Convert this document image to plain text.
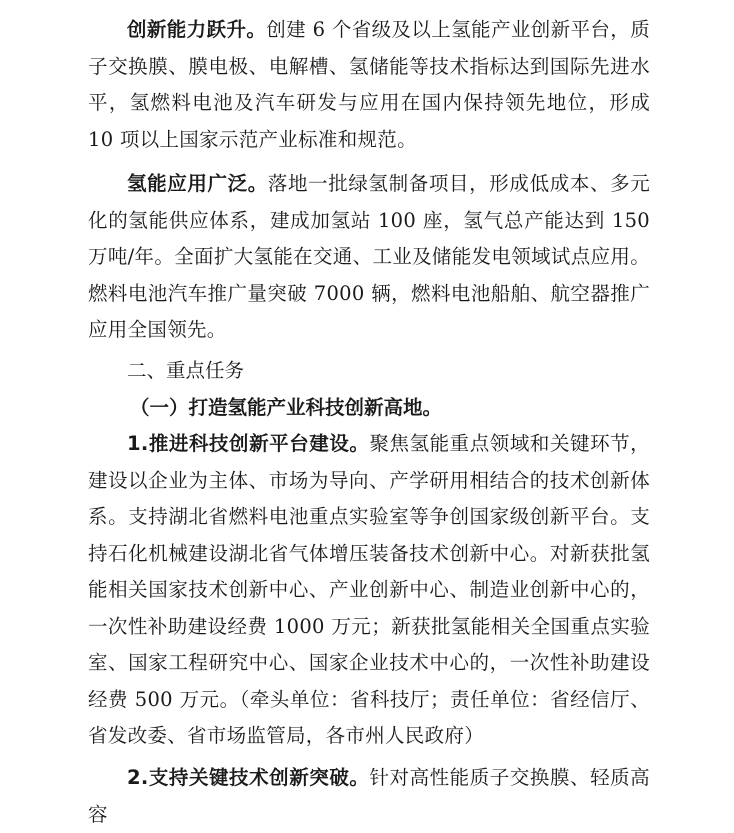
创新能力跃升。创建 6 个省级及以上氢能产业创新平台，质子交换膜、膜电极、电解槽、氢储能等技术指标达到国际先进水平，氢燃料电池及汽车研发与应用在国内保持领先地位，形成 10 项以上国家示范产业标准和规范。

氢能应用广泛。落地一批绿氢制备项目，形成低成本、多元化的氢能供应体系，建成加氢站 100 座，氢气总产能达到 150 万吨/年。全面扩大氢能在交通、工业及储能发电领域试点应用。燃料电池汽车推广量突破 7000 辆，燃料电池船舶、航空器推广应用全国领先。

二、重点任务

（一）打造氢能产业科技创新高地。

1.推进科技创新平台建设。聚焦氢能重点领域和关键环节，建设以企业为主体、市场为导向、产学研用相结合的技术创新体系。支持湖北省燃料电池重点实验室等争创国家级创新平台。支持石化机械建设湖北省气体增压装备技术创新中心。对新获批氢能相关国家技术创新中心、产业创新中心、制造业创新中心的，一次性补助建设经费 1000 万元；新获批氢能相关全国重点实验室、国家工程研究中心、国家企业技术中心的，一次性补助建设经费 500 万元。（牵头单位：省科技厅；责任单位：省经信厅、省发改委、省市场监管局，各市州人民政府）

2.支持关键技术创新突破。针对高性能质子交换膜、轻质高容
